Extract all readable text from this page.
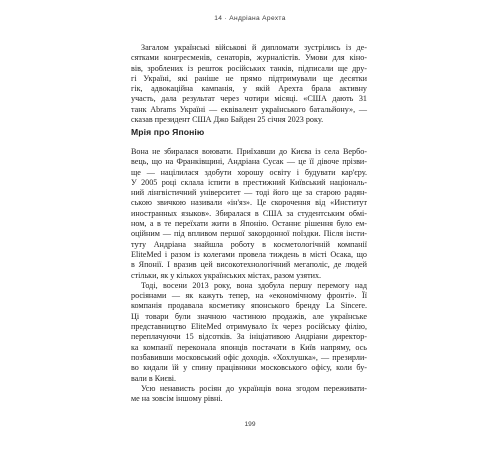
14 · Андріана Арехта
Загалом українські військові й дипломати зустрілись із де-
сятками конгресменів, сенаторів, журналістів. Умови для кіно-
вів, зроблених із решток російських танків, підписали ще дру-
гі Україні, які раніше не прямо підтримували ще десятки
гік, адвокаційна кампанія, у якій Арехта брала активну
участь, дала результат через чотири місяці. «США дають 31
танк Abrams Україні — еквівалент українського батальйону», —
сказав президент США Джо Байден 25 січня 2023 року.
Мрія про Японію
Вона не збиралася воювати. Приїхавши до Києва із села Вербо-
вець, що на Франківщині, Андріана Сусак — це її дівоче прізви-
ще — націлилася здобути хорошу освіту і будувати кар'єру.
У 2005 році склала іспити в престижний Київський національ-
ний лінгвістичний університет — тоді його ще за старою радян-
ською звичкою називали «ін'яз». Це скорочення від «Институт
иностранных языков». Збиралася в США за студентським обмі-
ном, а в те переїхати жити в Японію. Останнє рішення було ем-
оційним — під впливом першої закордонної поїздки. Після інсти-
туту Андріана знайшла роботу в косметологічній компанії
EliteMed і разом із колегами провела тиждень в місті Осака, що
в Японії. І вразив цей високотехнологічний мегаполіс, де людей
стільки, як у кількох українських містах, разом узятих.
Тоді, восени 2013 року, вона здобула першу перемогу над
росіянами — як кажуть тепер, на «економічному фронті». Її
компанія продавала косметику японського бренду La Sincere.
Ці товари були значною частиною продажів, але українське
представництво EliteMed отримувало їх через російську філію,
переплачуючи 15 відсотків. За ініціативою Андріани директор-
ка компанії переконала японців постачати в Київ напряму, ось
позбавивши московський офіс доходів. «Хохлушка», — презирли-
во кидали їй у спину працівники московського офісу, коли бу-
вали в Києві.
Усю ненависть росіян до українців вона згодом переживати-
ме на зовсім іншому рівні.
199
